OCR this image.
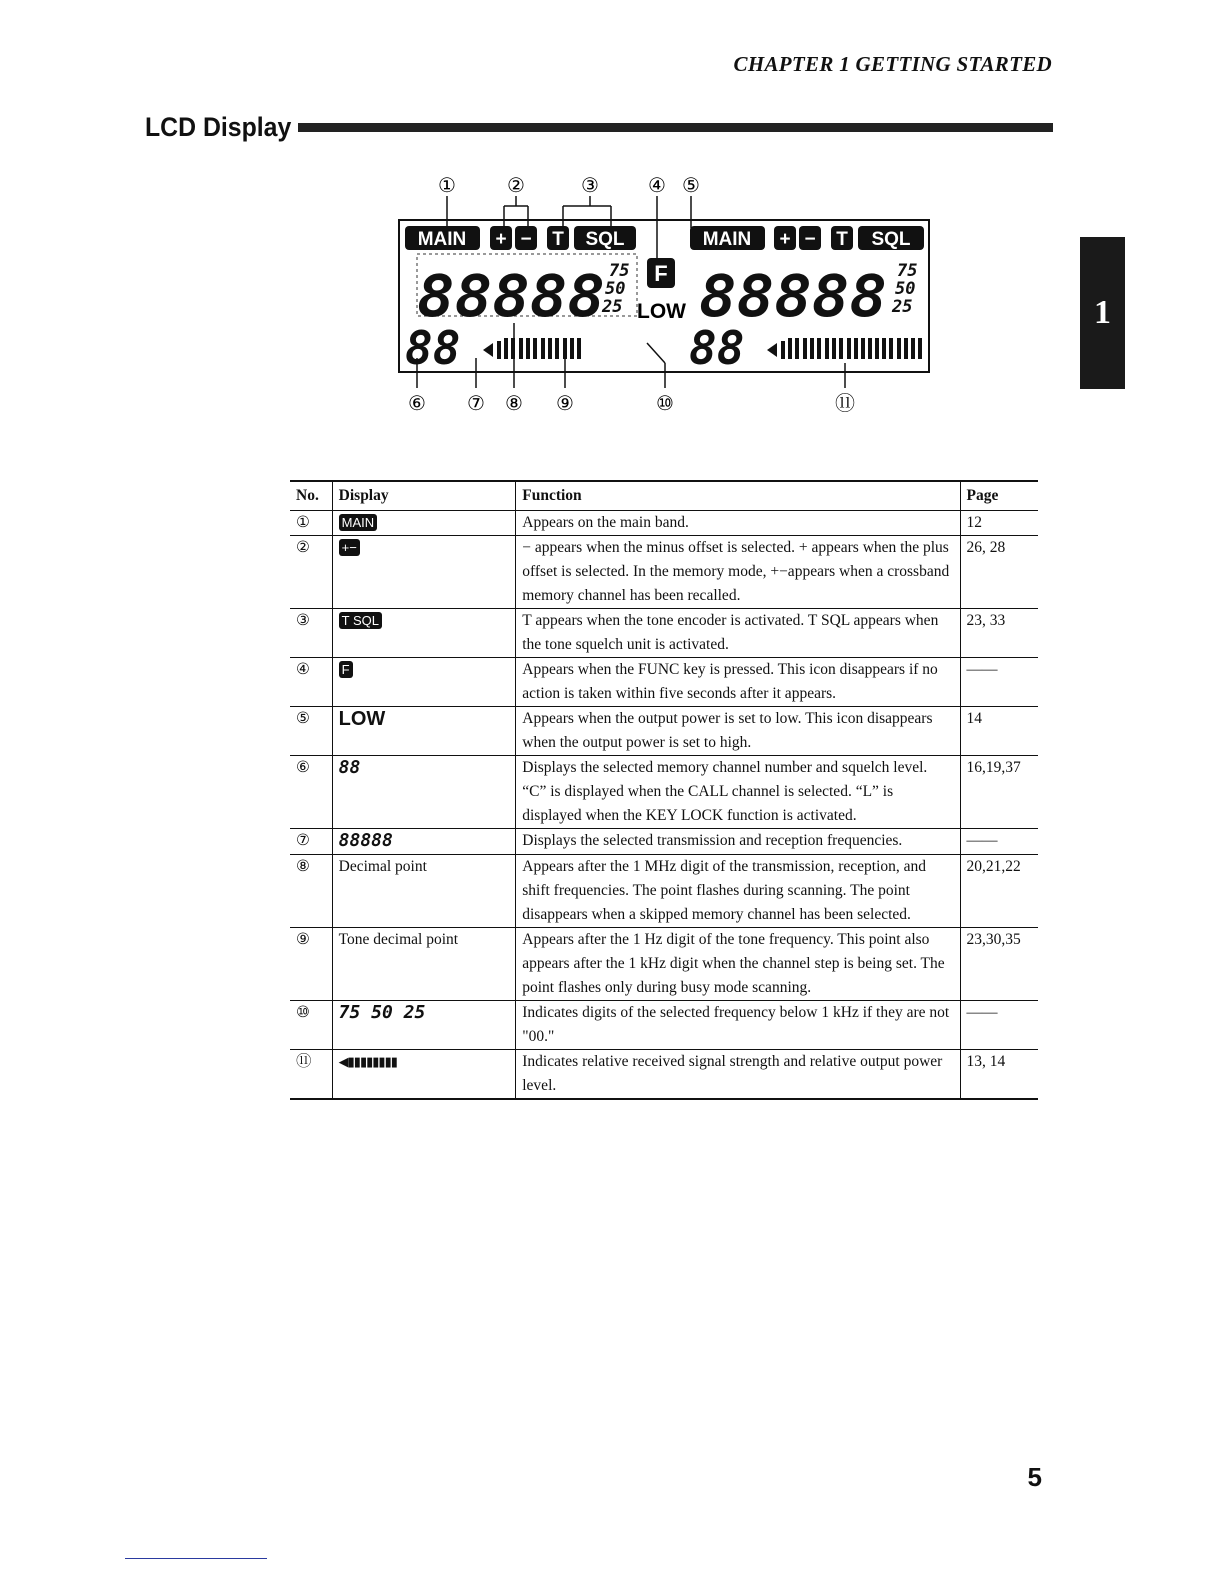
CHAPTER 1 GETTING STARTED
LCD Display
1
①	②	③ ④ ⑤
MAIN + − T SQL	MAIN + − T SQL
88888 88888
75
50
25
75
50
25
88	88
F
LOW
⑥ ⑦ ⑧ ⑨	⑩	⑪
No.	Display	Function	Page
①	MAIN	Appears on the main band.	12
②	+−	− appears when the minus offset is selected. + appears when the plus offset is selected. In the memory mode, +−appears when a crossband memory channel has been recalled.	26, 28
③	T SQL	T appears when the tone encoder is activated. T SQL appears when the tone squelch unit is activated.	23, 33
④	F	Appears when the FUNC key is pressed. This icon disappears if no action is taken within five seconds after it appears.	——
⑤	LOW	Appears when the output power is set to low. This icon disappears when the output power is set to high.	14
⑥	88	Displays the selected memory channel number and squelch level. “C” is displayed when the CALL channel is selected. “L” is displayed when the KEY LOCK function is activated.	16,19,37
⑦	88888	Displays the selected transmission and reception frequencies.	——
⑧	Decimal point	Appears after the 1 MHz digit of the transmission, reception, and shift frequencies. The point flashes during scanning. The point disappears when a skipped memory channel has been selected.	20,21,22
⑨	Tone decimal point	Appears after the 1 Hz digit of the tone frequency. This point also appears after the 1 kHz digit when the channel step is being set. The point flashes only during busy mode scanning.	23,30,35
⑩	75 50 25	Indicates digits of the selected frequency below 1 kHz if they are not "00."	——
⑪	◀▮▮▮▮▮▮▮▮	Indicates relative received signal strength and relative output power level.	13, 14
5
